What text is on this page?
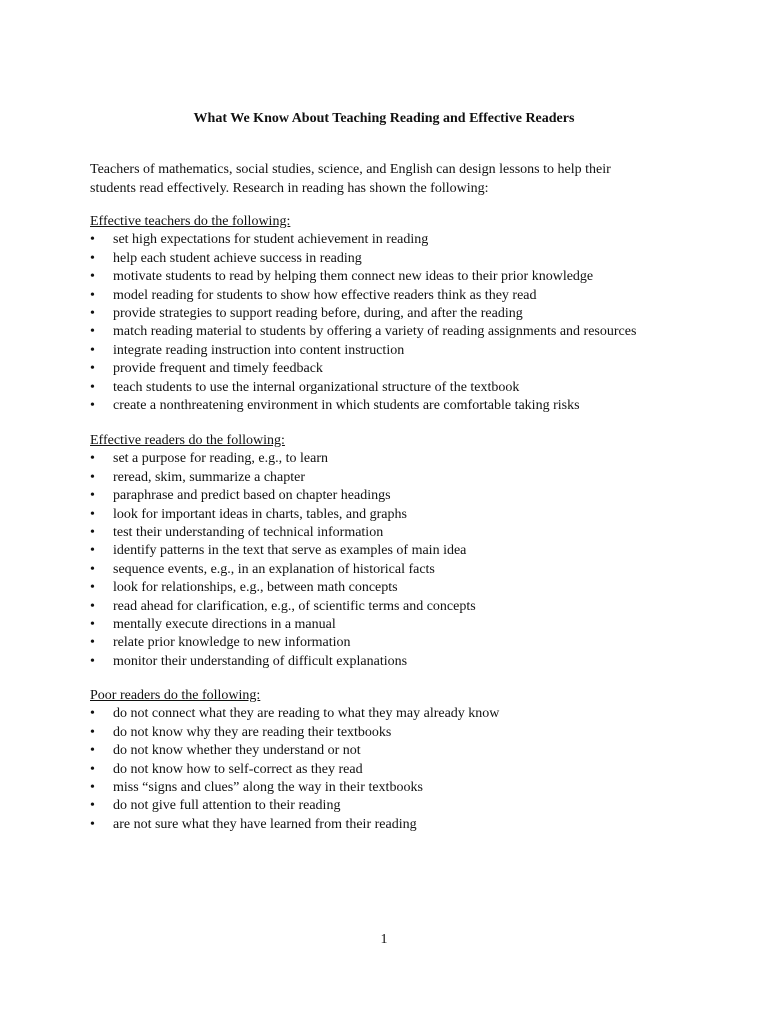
What We Know About Teaching Reading and Effective Readers

Teachers of mathematics, social studies, science, and English can design lessons to help their

students read effectively. Research in reading has shown the following:

Effective teachers do the following:

•	set high expectations for student achievement in reading
•	help each student achieve success in reading
•	motivate students to read by helping them connect new ideas to their prior knowledge
•	model reading for students to show how effective readers think as they read
•	provide strategies to support reading before, during, and after the reading
•	match reading material to students by offering a variety of reading assignments and resources
•	integrate reading instruction into content instruction
•	provide frequent and timely feedback
•	teach students to use the internal organizational structure of the textbook
•	create a nonthreatening environment in which students are comfortable taking risks

Effective readers do the following:

•	set a purpose for reading, e.g., to learn
•	reread, skim, summarize a chapter
•	paraphrase and predict based on chapter headings
•	look for important ideas in charts, tables, and graphs
•	test their understanding of technical information
•	identify patterns in the text that serve as examples of main idea
•	sequence events, e.g., in an explanation of historical facts
•	look for relationships, e.g., between math concepts
•	read ahead for clarification, e.g., of scientific terms and concepts
•	mentally execute directions in a manual
•	relate prior knowledge to new information
•	monitor their understanding of difficult explanations

Poor readers do the following:

•	do not connect what they are reading to what they may already know
•	do not know why they are reading their textbooks
•	do not know whether they understand or not
•	do not know how to self-correct as they read
•	miss “signs and clues” along the way in their textbooks
•	do not give full attention to their reading
•	are not sure what they have learned from their reading
1
